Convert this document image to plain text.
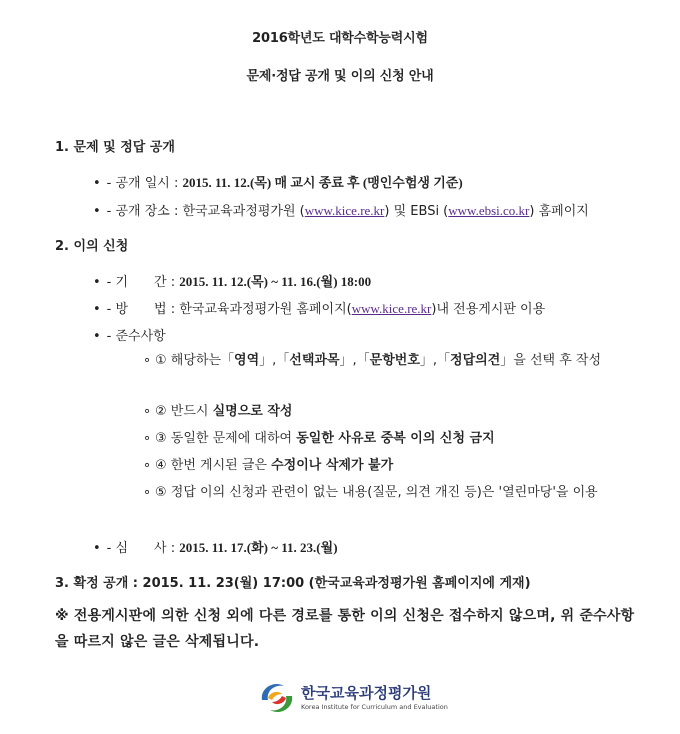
2016학년도 대학수학능력시험
문제·정답 공개 및 이의 신청 안내
1. 문제 및 정답 공개
• - 공개 일시 : 2015. 11. 12.(목) 매 교시 종료 후 (맹인수험생 기준)
• - 공개 장소 : 한국교육과정평가원 (www.kice.re.kr) 및 EBSi (www.ebsi.co.kr) 홈페이지
2. 이의 신청
• - 기　　간 : 2015. 11. 12.(목) ~ 11. 16.(월) 18:00
• - 방　　법 : 한국교육과정평가원 홈페이지(www.kice.re.kr)내 전용게시판 이용
• - 준수사항
∘ ① 해당하는「영역」,「선택과목」,「문항번호」,「정답의견」을 선택 후 작성
∘ ② 반드시 실명으로 작성
∘ ③ 동일한 문제에 대하여 동일한 사유로 중복 이의 신청 금지
∘ ④ 한번 게시된 글은 수정이나 삭제가 불가
∘ ⑤ 정답 이의 신청과 관련이 없는 내용(질문, 의견 개진 등)은 '열린마당'을 이용
• - 심　　사 : 2015. 11. 17.(화) ~ 11. 23.(월)
3. 확정 공개 : 2015. 11. 23(월) 17:00 (한국교육과정평가원 홈페이지에 게재)
※ 전용게시판에 의한 신청 외에 다른 경로를 통한 이의 신청은 접수하지 않으며, 위 준수사항을 따르지 않은 글은 삭제됩니다.
한국교육과정평가원
Korea Institute for Curriculum and Evaluation
